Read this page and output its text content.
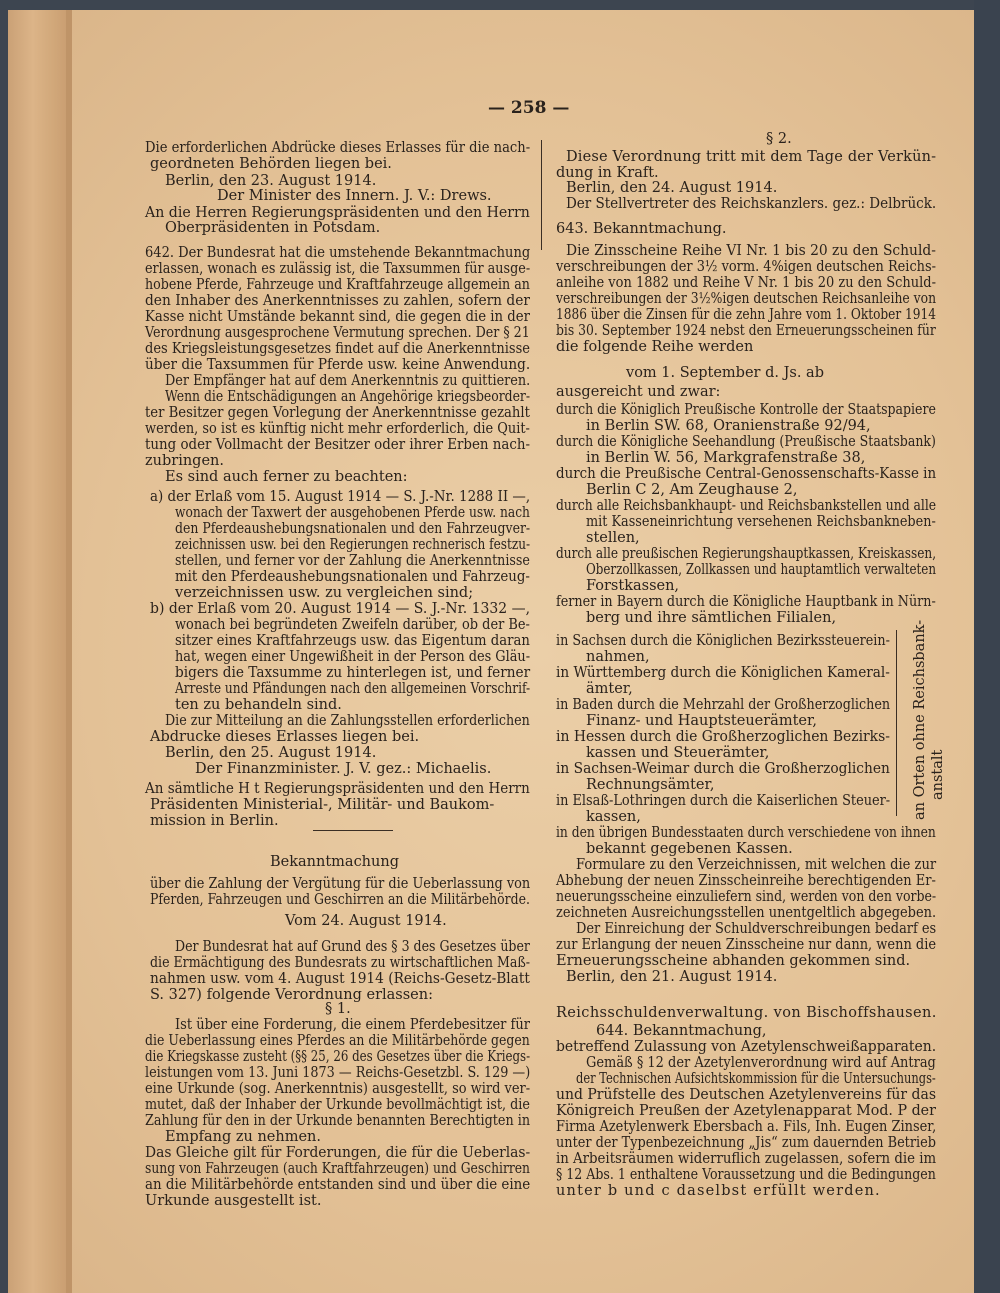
— 258 —
Die erforderlichen Abdrücke dieses Erlasses für die nach-
geordneten Behörden liegen bei.
Berlin, den 23. August 1914.
Der Minister des Innern. J. V.: Drews.
An die Herren Regierungspräsidenten und den Herrn
Oberpräsidenten in Potsdam.
642. Der Bundesrat hat die umstehende Bekanntmachung
erlassen, wonach es zulässig ist, die Taxsummen für ausge-
hobene Pferde, Fahrzeuge und Kraftfahrzeuge allgemein an
den Inhaber des Anerkenntnisses zu zahlen, sofern der
Kasse nicht Umstände bekannt sind, die gegen die in der
Verordnung ausgesprochene Vermutung sprechen. Der § 21
des Kriegsleistungsgesetzes findet auf die Anerkenntnisse
über die Taxsummen für Pferde usw. keine Anwendung.
Der Empfänger hat auf dem Anerkenntnis zu quittieren.
Wenn die Entschädigungen an Angehörige kriegsbeorder-
ter Besitzer gegen Vorlegung der Anerkenntnisse gezahlt
werden, so ist es künftig nicht mehr erforderlich, die Quit-
tung oder Vollmacht der Besitzer oder ihrer Erben nach-
zubringen.
Es sind auch ferner zu beachten:
a) der Erlaß vom 15. August 1914 — S. J.-Nr. 1288 II —,
wonach der Taxwert der ausgehobenen Pferde usw. nach
den Pferdeaushebungsnationalen und den Fahrzeugver-
zeichnissen usw. bei den Regierungen rechnerisch festzu-
stellen, und ferner vor der Zahlung die Anerkenntnisse
mit den Pferdeaushebungsnationalen und Fahrzeug-
verzeichnissen usw. zu vergleichen sind;
b) der Erlaß vom 20. August 1914 — S. J.-Nr. 1332 —,
wonach bei begründeten Zweifeln darüber, ob der Be-
sitzer eines Kraftfahrzeugs usw. das Eigentum daran
hat, wegen einer Ungewißheit in der Person des Gläu-
bigers die Taxsumme zu hinterlegen ist, und ferner
Arreste und Pfändungen nach den allgemeinen Vorschrif-
ten zu behandeln sind.
Die zur Mitteilung an die Zahlungsstellen erforderlichen
Abdrucke dieses Erlasses liegen bei.
Berlin, den 25. August 1914.
Der Finanzminister. J. V. gez.: Michaelis.
An sämtliche H t Regierungspräsidenten und den Herrn
Präsidenten Ministerial-, Militär- und Baukom-
mission in Berlin.
Bekanntmachung
über die Zahlung der Vergütung für die Ueberlassung von
Pferden, Fahrzeugen und Geschirren an die Militärbehörde.
Vom 24. August 1914.
Der Bundesrat hat auf Grund des § 3 des Gesetzes über
die Ermächtigung des Bundesrats zu wirtschaftlichen Maß-
nahmen usw. vom 4. August 1914 (Reichs-Gesetz-Blatt
S. 327) folgende Verordnung erlassen:
§ 1.
Ist über eine Forderung, die einem Pferdebesitzer für
die Ueberlassung eines Pferdes an die Militärbehörde gegen
die Kriegskasse zusteht (§§ 25, 26 des Gesetzes über die Kriegs-
leistungen vom 13. Juni 1873 — Reichs-Gesetzbl. S. 129 —)
eine Urkunde (sog. Anerkenntnis) ausgestellt, so wird ver-
mutet, daß der Inhaber der Urkunde bevollmächtigt ist, die
Zahlung für den in der Urkunde benannten Berechtigten in
Empfang zu nehmen.
Das Gleiche gilt für Forderungen, die für die Ueberlas-
sung von Fahrzeugen (auch Kraftfahrzeugen) und Geschirren
an die Militärbehörde entstanden sind und über die eine
Urkunde ausgestellt ist.
§ 2.
Diese Verordnung tritt mit dem Tage der Verkün-
dung in Kraft.
Berlin, den 24. August 1914.
Der Stellvertreter des Reichskanzlers. gez.: Delbrück.
643. Bekanntmachung.
Die Zinsscheine Reihe VI Nr. 1 bis 20 zu den Schuld-
verschreibungen der 3½ vorm. 4%igen deutschen Reichs-
anleihe von 1882 und Reihe V Nr. 1 bis 20 zu den Schuld-
verschreibungen der 3½%igen deutschen Reichsanleihe von
1886 über die Zinsen für die zehn Jahre vom 1. Oktober 1914
bis 30. September 1924 nebst den Erneuerungsscheinen für
die folgende Reihe werden
vom 1. September d. Js. ab
ausgereicht und zwar:
durch die Königlich Preußische Kontrolle der Staatspapiere
in Berlin SW. 68, Oranienstraße 92/94,
durch die Königliche Seehandlung (Preußische Staatsbank)
in Berlin W. 56, Markgrafenstraße 38,
durch die Preußische Central-Genossenschafts-Kasse in
Berlin C 2, Am Zeughause 2,
durch alle Reichsbankhaupt- und Reichsbankstellen und alle
mit Kasseneinrichtung versehenen Reichsbankneben-
stellen,
durch alle preußischen Regierungshauptkassen, Kreiskassen,
Oberzollkassen, Zollkassen und hauptamtlich verwalteten
Forstkassen,
ferner in Bayern durch die Königliche Hauptbank in Nürn-
berg und ihre sämtlichen Filialen,
in Sachsen durch die Königlichen Bezirkssteuerein-
nahmen,
in Württemberg durch die Königlichen Kameral-
ämter,
in Baden durch die Mehrzahl der Großherzoglichen
Finanz- und Hauptsteuerämter,
in Hessen durch die Großherzoglichen Bezirks-
kassen und Steuerämter,
in Sachsen-Weimar durch die Großherzoglichen
Rechnungsämter,
in Elsaß-Lothringen durch die Kaiserlichen Steuer-
kassen,
in den übrigen Bundesstaaten durch verschiedene von ihnen
bekannt gegebenen Kassen.
Formulare zu den Verzeichnissen, mit welchen die zur
Abhebung der neuen Zinsscheinreihe berechtigenden Er-
neuerungsscheine einzuliefern sind, werden von den vorbe-
zeichneten Ausreichungsstellen unentgeltlich abgegeben.
Der Einreichung der Schuldverschreibungen bedarf es
zur Erlangung der neuen Zinsscheine nur dann, wenn die
Erneuerungsscheine abhanden gekommen sind.
Berlin, den 21. August 1914.
Reichsschuldenverwaltung. von Bischoffshausen.
644. Bekanntmachung,
betreffend Zulassung von Azetylenschweißapparaten.
Gemäß § 12 der Azetylenverordnung wird auf Antrag
der Technischen Aufsichtskommission für die Untersuchungs-
und Prüfstelle des Deutschen Azetylenvereins für das
Königreich Preußen der Azetylenapparat Mod. P der
Firma Azetylenwerk Ebersbach a. Fils, Inh. Eugen Zinser,
unter der Typenbezeichnung „Jis“ zum dauernden Betrieb
in Arbeitsräumen widerruflich zugelassen, sofern die im
§ 12 Abs. 1 enthaltene Voraussetzung und die Bedingungen
unter b und c daselbst erfüllt werden.
an Orten ohne Reichsbank- anstalt
